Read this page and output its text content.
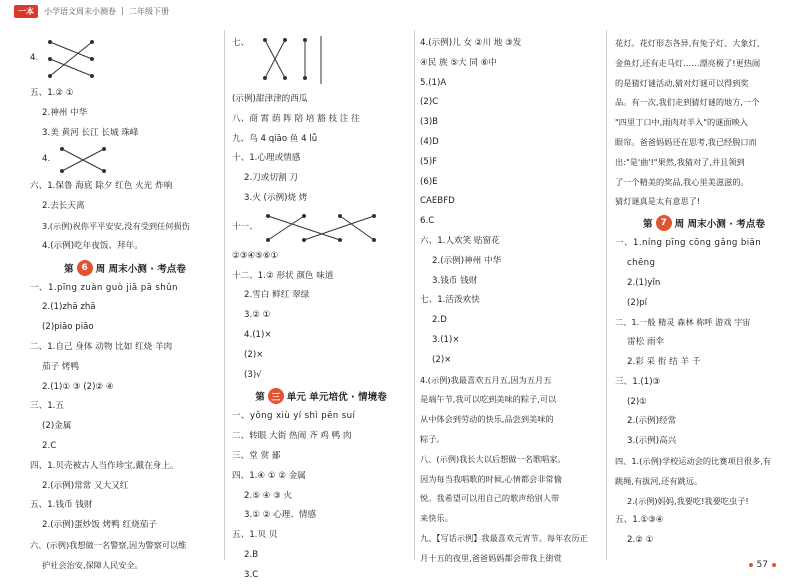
一本	小学语文周末小测卷 二年级下册
4.
五、1.② ①
2.神州 中华
3.美 黄河 长江 长城 珠峰
4.
六、1.保鲁 海底 除夕 红色 火光 炸响
2.去长天离
3.(示例)祝你平平安安,没有受到任何损伤
4.(示例)吃年夜饭、拜年。
第 6 周 周末小测 · 考点卷
一、1.pīng zuàn guò jiā pā shǔn
2.(1)zhā zhā
(2)piāo piāo
二、1.自己 身体 动物 比如 红烧 羊肉
茄子 烤鸭
2.(1)① ③ (2)② ④
三、1.五
(2)金属
2.C
四、1.贝壳被古人当作珍宝,戴在身上。
2.(示例)常常 又大又红
五、1.钱币 钱财
2.(示例)蛋炒饭 烤鸭 红烧茄子
六、(示例)我想做一名警察,因为警察可以维
护社会治安,保障人民安全。
七、
(示例)甜津津的西瓜
八、商 霄 荫 阵 陪 培 豁 枝 注 往
九、鸟 4 qiāo 鱼 4 lǚ
十、1.心理或情感
2.刀或切割 刀
3.火 (示例)烧 烤
十一、
②③④⑤⑥①
十二、1.② 形状 颜色 味道
2.雪白 鲜红 翠绿
3.② ①
4.(1)×
(2)×
(3)√
第 三 单元 单元培优 · 情境卷
一、yǒng xiù yí shì pēn suí
二、转眼 大街 热闹 齐 鸡 鸭 肉
三、堂 赏 鄙
四、1.④ ① ② 金属
2.⑤ ④ ③ 火
3.① ② 心理、情感
五、1.贝 贝
2.B
3.C
4.(示例)儿 女 ②川 地 ③发
④民 族 ⑤大 同 ⑥中
5.(1)A
(2)C
(3)B
(4)D
(5)F
(6)E
CAEBFD
6.C
六、1.人欢笑 贴窗花
2.(示例)神州 中华
3.钱币 钱财
七、1.活泼欢快
2.D
3.(1)×
(2)×
4.(示例)我最喜欢五月五,因为五月五
是端午节,我可以吃到美味的粽子,可以
从中体会到劳动的快乐,品尝到美味的
粽子。
八、(示例)我长大以后想做一名歌唱家。
因为每当我唱歌的时候,心情都会非常愉
悦。我希望可以用自己的歌声给别人带
来快乐。
九、【写话示例】我最喜欢元宵节。每年农历正
月十五的夜里,爸爸妈妈都会带我上街赏
花灯。花灯形态各异,有兔子灯、大象灯、
金鱼灯,还有走马灯……漂亮极了!更热闹
的是猜灯谜活动,猜对灯谜可以得到奖
品。有一次,我们走到猜灯谜的地方,一个
"四里丁口中,雨肉对半入"的谜面映入
眼帘。爸爸妈妈还在思考,我已经脱口而
出:"是'曲'!"果然,我猜对了,并且领到
了一个精美的奖品,我心里美滋滋的。
猜灯谜真是太有意思了!
第 7 周 周末小测 · 考点卷
一、1.níng pīng cōng gǎng biān
chēng
2.(1)yǐn
(2)pí
二、1.一般 精灵 森林 称呼 游戏 宇宙
雷松 雨伞
2.彩 采 衔 结 羊 千
三、1.(1)③
(2)①
2.(示例)经常
3.(示例)高兴
四、1.(示例)学校运动会的比赛项目很多,有
跳绳,有拔河,还有跳远。
2.(示例)妈妈,我要吃!我要吃虫子!
五、1.①③④
2.② ①
57
